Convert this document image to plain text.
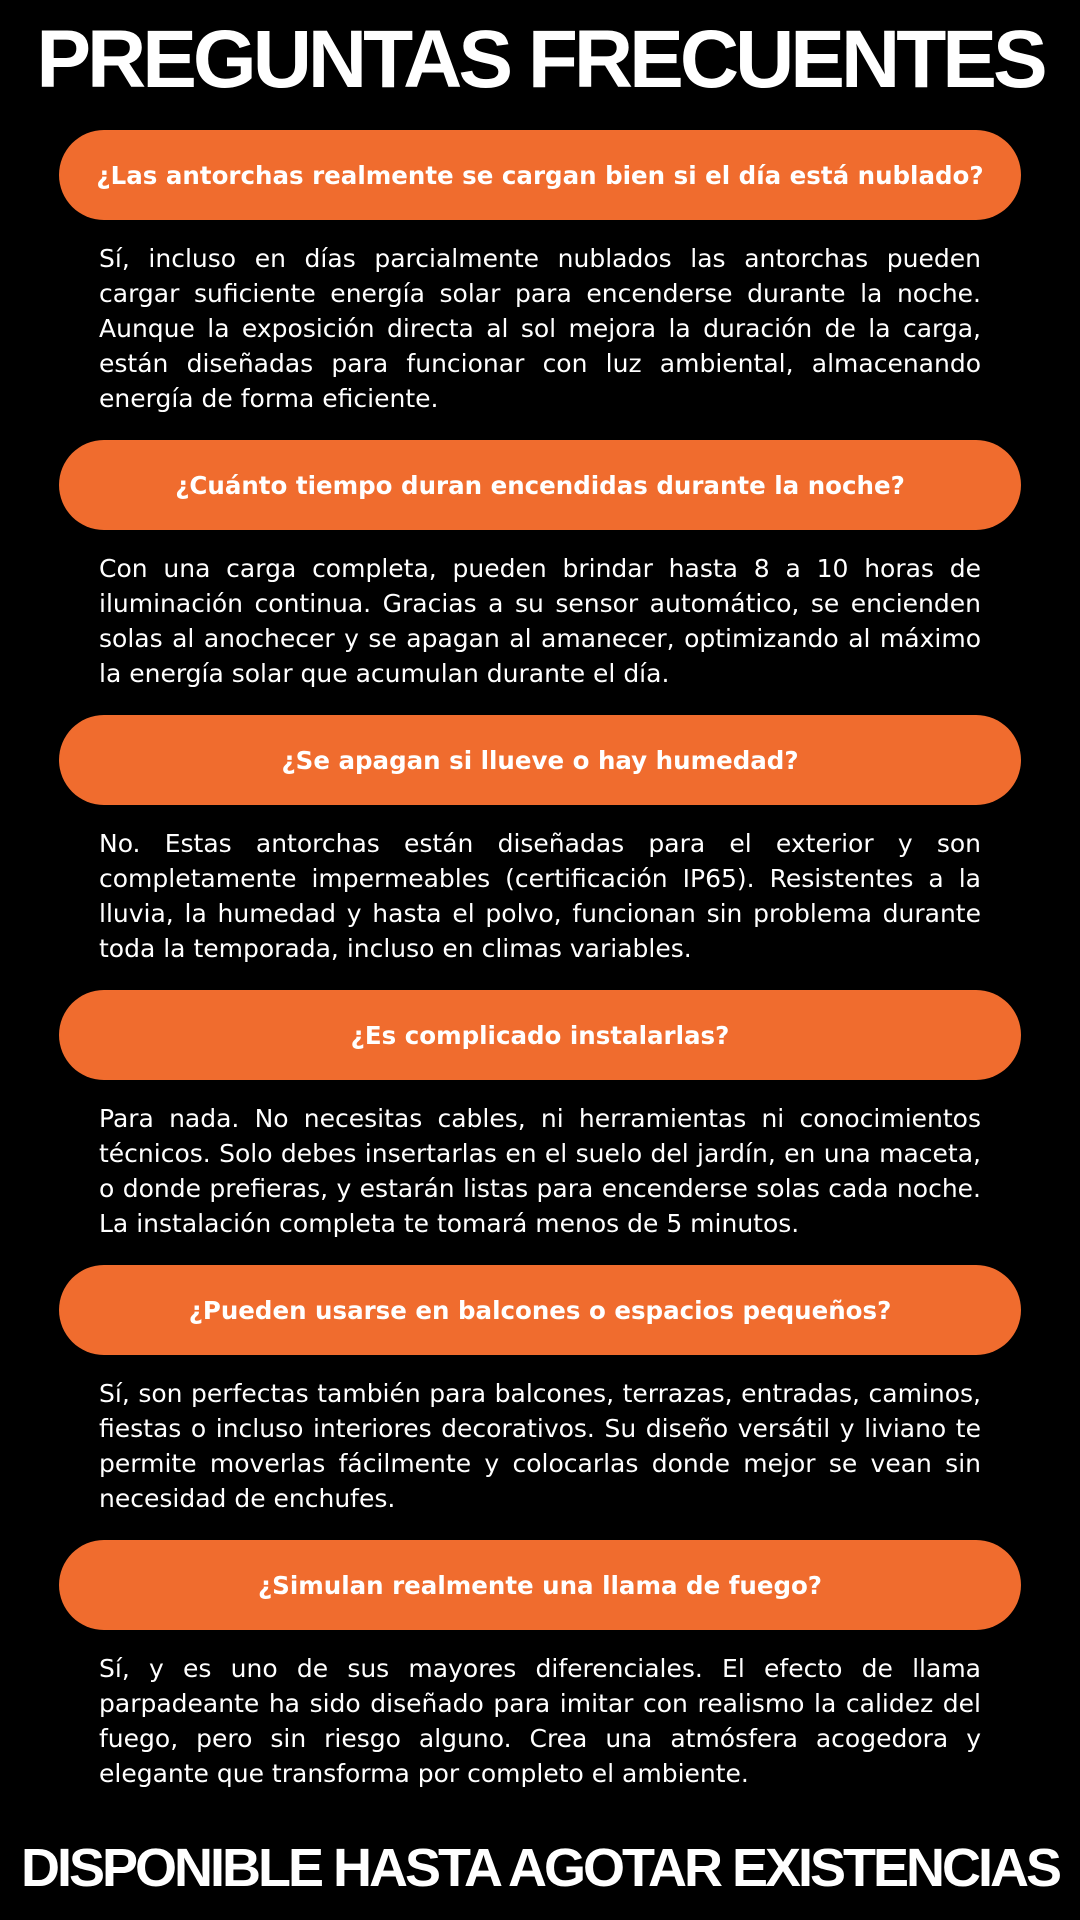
PREGUNTAS FRECUENTES
¿Las antorchas realmente se cargan bien si el día está nublado?

Sí, incluso en días parcialmente nublados las antorchas pueden cargar suficiente energía solar para encenderse durante la noche. Aunque la exposición directa al sol mejora la duración de la carga, están diseñadas para funcionar con luz ambiental, almacenando energía de forma eficiente.

¿Cuánto tiempo duran encendidas durante la noche?

Con una carga completa, pueden brindar hasta 8 a 10 horas de iluminación continua. Gracias a su sensor automático, se encienden solas al anochecer y se apagan al amanecer, optimizando al máximo la energía solar que acumulan durante el día.

¿Se apagan si llueve o hay humedad?

No. Estas antorchas están diseñadas para el exterior y son completamente impermeables (certificación IP65). Resistentes a la lluvia, la humedad y hasta el polvo, funcionan sin problema durante toda la temporada, incluso en climas variables.

¿Es complicado instalarlas?

Para nada. No necesitas cables, ni herramientas ni conocimientos técnicos. Solo debes insertarlas en el suelo del jardín, en una maceta, o donde prefieras, y estarán listas para encenderse solas cada noche. La instalación completa te tomará menos de 5 minutos.

¿Pueden usarse en balcones o espacios pequeños?

Sí, son perfectas también para balcones, terrazas, entradas, caminos, fiestas o incluso interiores decorativos. Su diseño versátil y liviano te permite moverlas fácilmente y colocarlas donde mejor se vean sin necesidad de enchufes.

¿Simulan realmente una llama de fuego?

Sí, y es uno de sus mayores diferenciales. El efecto de llama parpadeante ha sido diseñado para imitar con realismo la calidez del fuego, pero sin riesgo alguno. Crea una atmósfera acogedora y elegante que transforma por completo el ambiente.

DISPONIBLE HASTA AGOTAR EXISTENCIAS
